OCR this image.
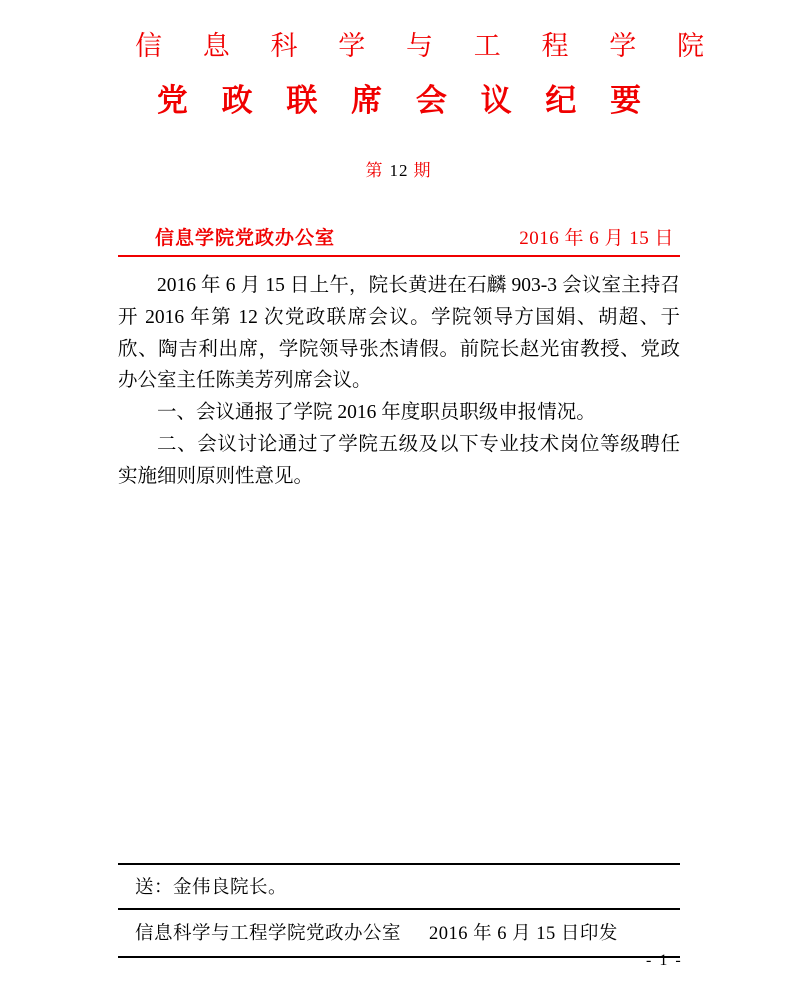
信 息 科 学 与 工 程 学 院
党 政 联 席 会 议 纪 要
第 12 期
信息学院党政办公室	2016 年 6 月 15 日

2016 年 6 月 15 日上午，院长黄进在石麟 903-3 会议室主持召开 2016 年第 12 次党政联席会议。学院领导方国娟、胡超、于欣、陶吉利出席，学院领导张杰请假。前院长赵光宙教授、党政办公室主任陈美芳列席会议。

一、会议通报了学院 2016 年度职员职级申报情况。

二、会议讨论通过了学院五级及以下专业技术岗位等级聘任实施细则原则性意见。

送：金伟良院长。
信息科学与工程学院党政办公室 2016 年 6 月 15 日印发
- 1 -
